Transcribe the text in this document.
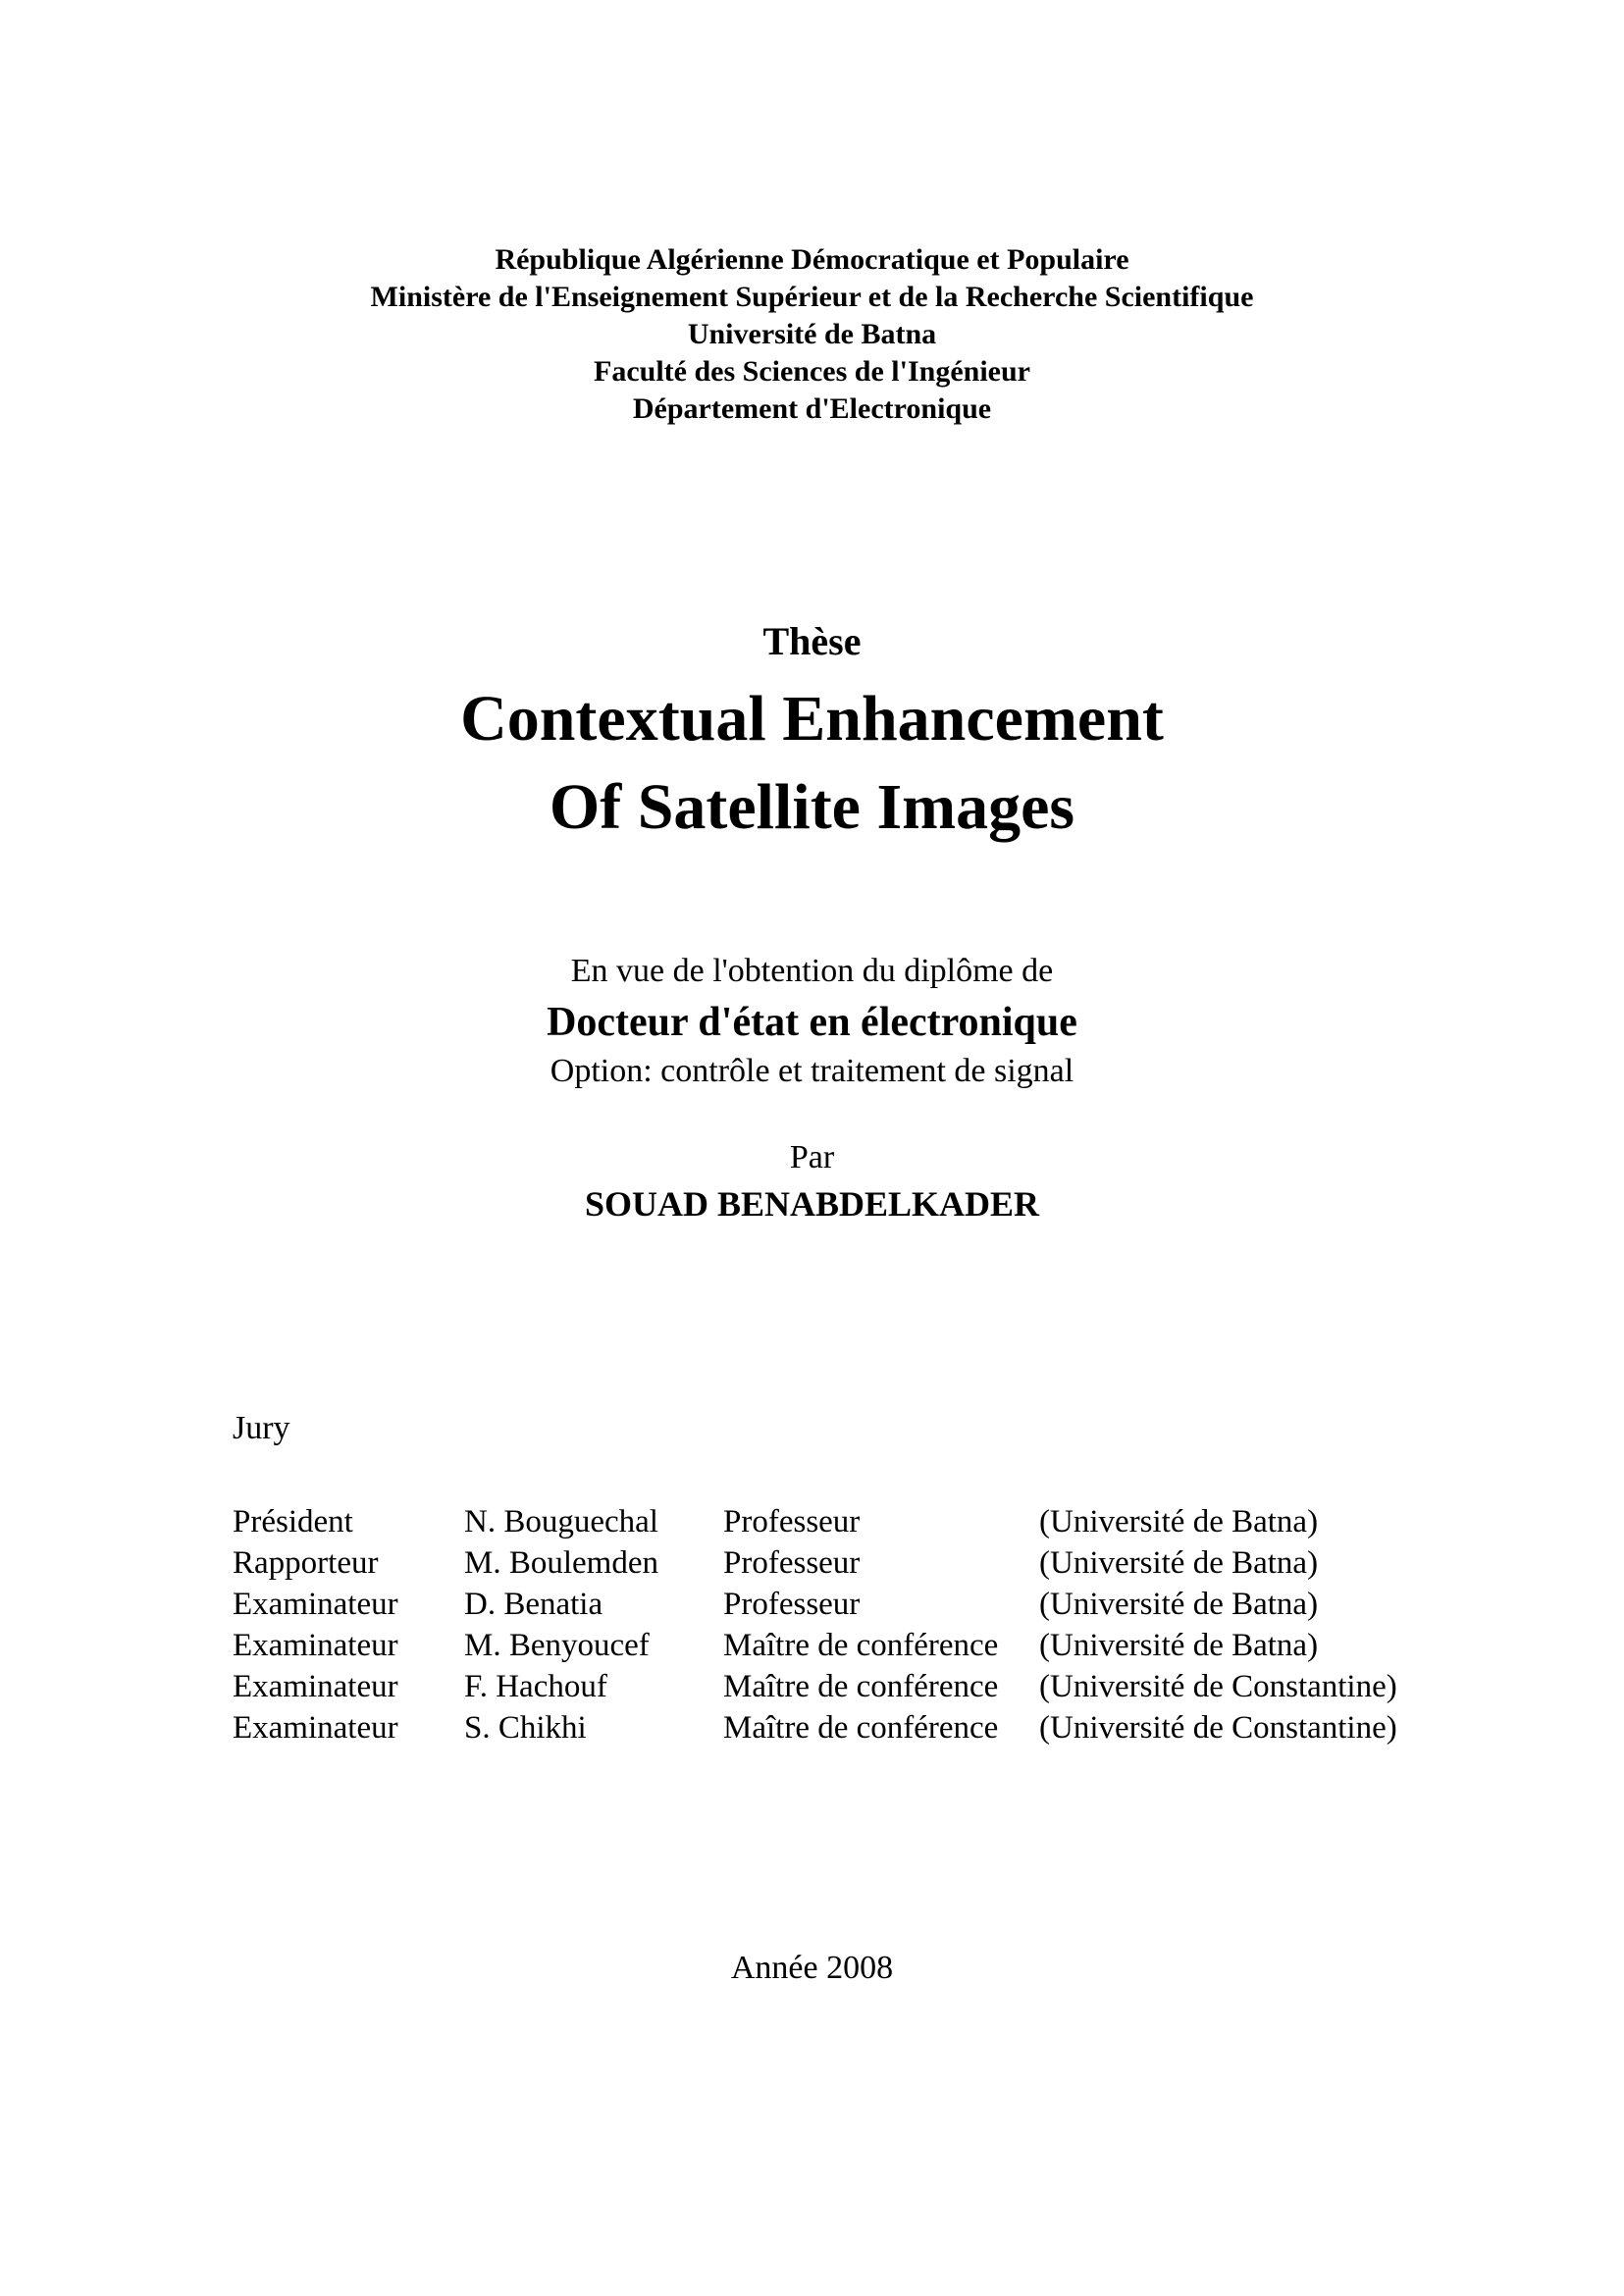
République Algérienne Démocratique et Populaire
Ministère de l'Enseignement Supérieur et de la Recherche Scientifique
Université de Batna
Faculté des Sciences de l'Ingénieur
Département d'Electronique
Thèse
Contextual Enhancement
Of Satellite Images
En vue de l'obtention du diplôme de
Docteur d'état en électronique
Option: contrôle et traitement de signal
Par
SOUAD BENABDELKADER
Jury
Président	N. Bouguechal	Professeur	(Université de Batna)
Rapporteur	M. Boulemden	Professeur	(Université de Batna)
Examinateur	D. Benatia	Professeur	(Université de Batna)
Examinateur	M. Benyoucef	Maître de conférence	(Université de Batna)
Examinateur	F. Hachouf	Maître de conférence	(Université de Constantine)
Examinateur	S. Chikhi	Maître de conférence	(Université de Constantine)
Année 2008
